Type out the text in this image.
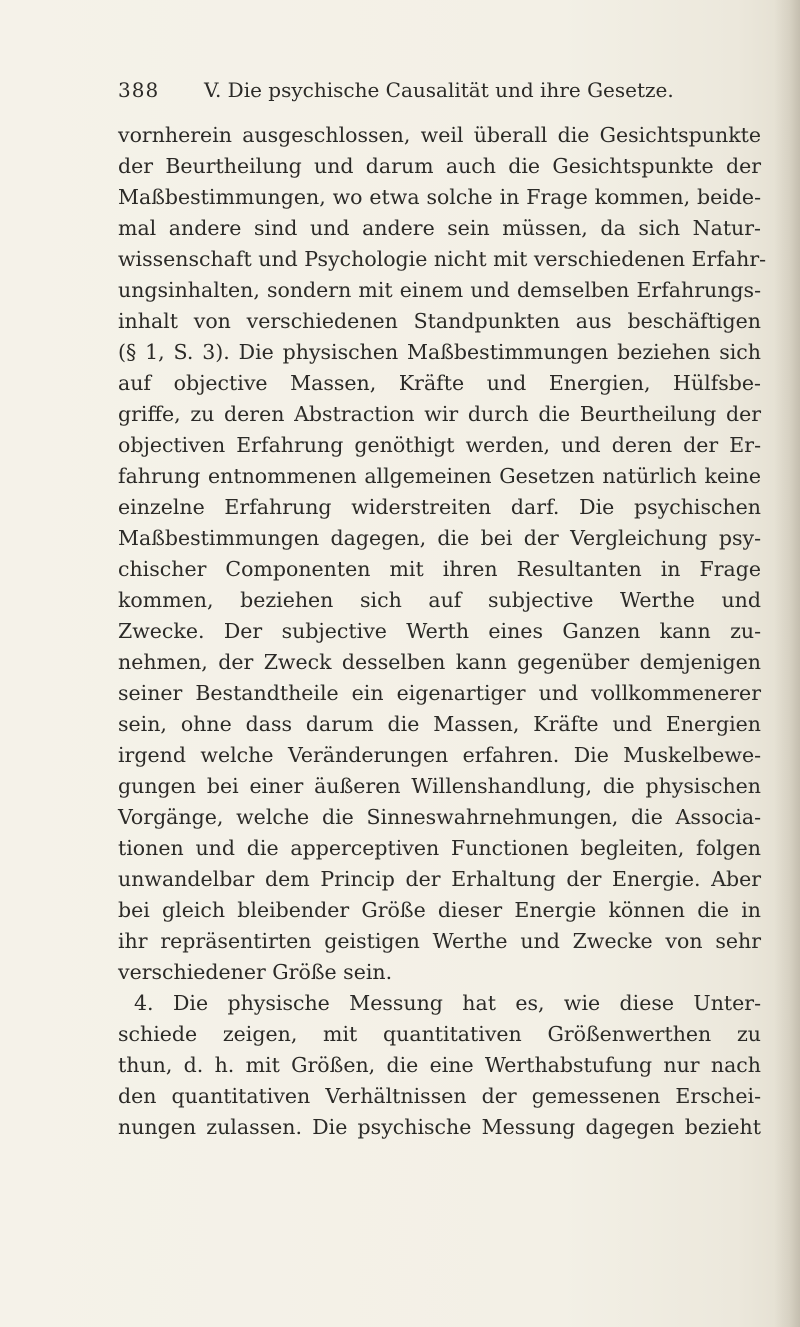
388 V. Die psychische Causalität und ihre Gesetze.
vornherein ausgeschlossen, weil überall die Gesichtspunkte
der Beurtheilung und darum auch die Gesichtspunkte der
Maßbestimmungen, wo etwa solche in Frage kommen, beide-
mal andere sind und andere sein müssen, da sich Natur-
wissenschaft und Psychologie nicht mit verschiedenen Erfahr-
ungsinhalten, sondern mit einem und demselben Erfahrungs-
inhalt von verschiedenen Standpunkten aus beschäftigen
(§ 1, S. 3). Die physischen Maßbestimmungen beziehen sich
auf objective Massen, Kräfte und Energien, Hülfsbe-
griffe, zu deren Abstraction wir durch die Beurtheilung der
objectiven Erfahrung genöthigt werden, und deren der Er-
fahrung entnommenen allgemeinen Gesetzen natürlich keine
einzelne Erfahrung widerstreiten darf. Die psychischen
Maßbestimmungen dagegen, die bei der Vergleichung psy-
chischer Componenten mit ihren Resultanten in Frage
kommen, beziehen sich auf subjective Werthe und
Zwecke. Der subjective Werth eines Ganzen kann zu-
nehmen, der Zweck desselben kann gegenüber demjenigen
seiner Bestandtheile ein eigenartiger und vollkommenerer
sein, ohne dass darum die Massen, Kräfte und Energien
irgend welche Veränderungen erfahren. Die Muskelbewe-
gungen bei einer äußeren Willenshandlung, die physischen
Vorgänge, welche die Sinneswahrnehmungen, die Associa-
tionen und die apperceptiven Functionen begleiten, folgen
unwandelbar dem Princip der Erhaltung der Energie. Aber
bei gleich bleibender Größe dieser Energie können die in
ihr repräsentirten geistigen Werthe und Zwecke von sehr
verschiedener Größe sein.
4. Die physische Messung hat es, wie diese Unter-
schiede zeigen, mit quantitativen Größenwerthen zu
thun, d. h. mit Größen, die eine Werthabstufung nur nach
den quantitativen Verhältnissen der gemessenen Erschei-
nungen zulassen. Die psychische Messung dagegen bezieht
